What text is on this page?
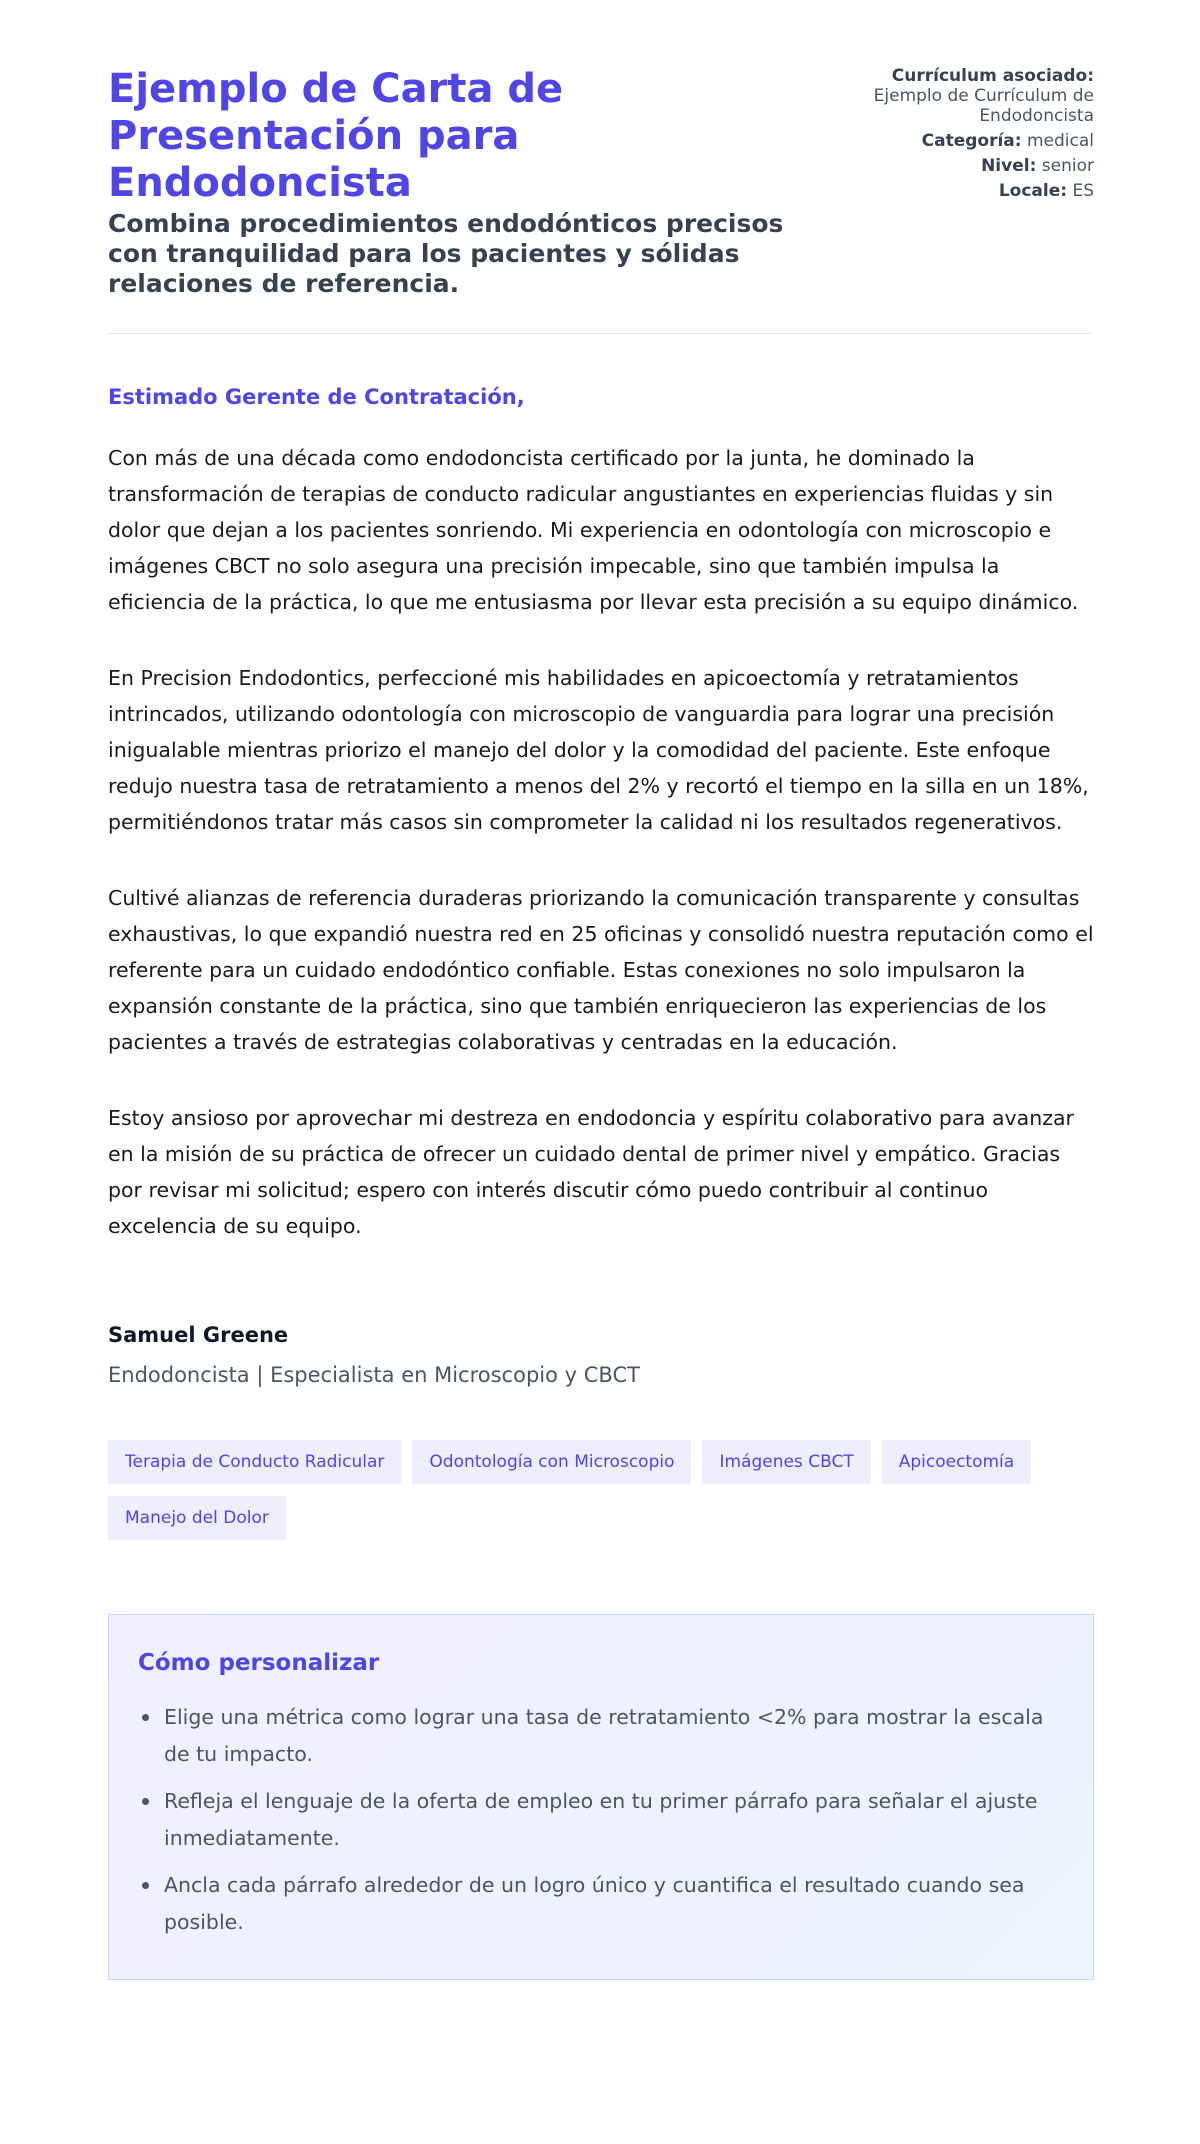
Ejemplo de Carta de Presentación para Endodoncista

Combina procedimientos endodónticos precisos con tranquilidad para los pacientes y sólidas relaciones de referencia.

Currículum asociado:
Ejemplo de Currículum de Endodoncista
Categoría: medical
Nivel: senior
Locale: ES
Estimado Gerente de Contratación,

Con más de una década como endodoncista certificado por la junta, he dominado la transformación de terapias de conducto radicular angustiantes en experiencias fluidas y sin dolor que dejan a los pacientes sonriendo. Mi experiencia en odontología con microscopio e imágenes CBCT no solo asegura una precisión impecable, sino que también impulsa la eficiencia de la práctica, lo que me entusiasma por llevar esta precisión a su equipo dinámico.

En Precision Endodontics, perfeccioné mis habilidades en apicoectomía y retratamientos intrincados, utilizando odontología con microscopio de vanguardia para lograr una precisión inigualable mientras priorizo el manejo del dolor y la comodidad del paciente. Este enfoque redujo nuestra tasa de retratamiento a menos del 2% y recortó el tiempo en la silla en un 18%, permitiéndonos tratar más casos sin comprometer la calidad ni los resultados regenerativos.

Cultivé alianzas de referencia duraderas priorizando la comunicación transparente y consultas exhaustivas, lo que expandió nuestra red en 25 oficinas y consolidó nuestra reputación como el referente para un cuidado endodóntico confiable. Estas conexiones no solo impulsaron la expansión constante de la práctica, sino que también enriquecieron las experiencias de los pacientes a través de estrategias colaborativas y centradas en la educación.

Estoy ansioso por aprovechar mi destreza en endodoncia y espíritu colaborativo para avanzar en la misión de su práctica de ofrecer un cuidado dental de primer nivel y empático. Gracias por revisar mi solicitud; espero con interés discutir cómo puedo contribuir al continuo excelencia de su equipo.

Samuel Greene
Endodoncista | Especialista en Microscopio y CBCT
Terapia de Conducto Radicular	Odontología con Microscopio	Imágenes CBCT	Apicoectomía
Manejo del Dolor
Cómo personalizar
Elige una métrica como lograr una tasa de retratamiento <2% para mostrar la escala de tu impacto.
Refleja el lenguaje de la oferta de empleo en tu primer párrafo para señalar el ajuste inmediatamente.
Ancla cada párrafo alrededor de un logro único y cuantifica el resultado cuando sea posible.
